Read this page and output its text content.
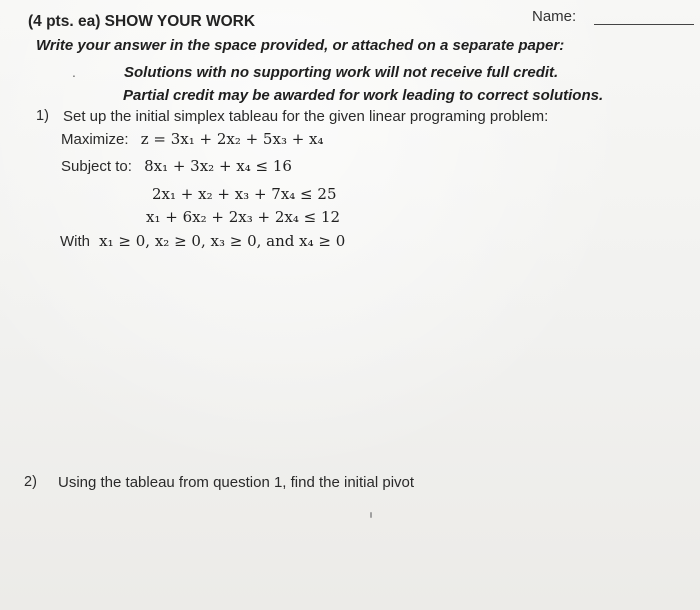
Name:
(4 pts. ea) SHOW YOUR WORK
Write your answer in the space provided, or attached on a separate paper:
.	Solutions with no supporting work will not receive full credit.
Partial credit may be awarded for work leading to correct solutions.
1) Set up the initial simplex tableau for the given linear programing problem:
Maximize: z = 3x₁ + 2x₂ + 5x₃ + x₄
Subject to: 8x₁ + 3x₂ + x₄ ≤ 16
2x₁ + x₂ + x₃ + 7x₄ ≤ 25
x₁ + 6x₂ + 2x₃ + 2x₄ ≤ 12
With x₁ ≥ 0, x₂ ≥ 0, x₃ ≥ 0, and x₄ ≥ 0
2) Using the tableau from question 1, find the initial pivot
